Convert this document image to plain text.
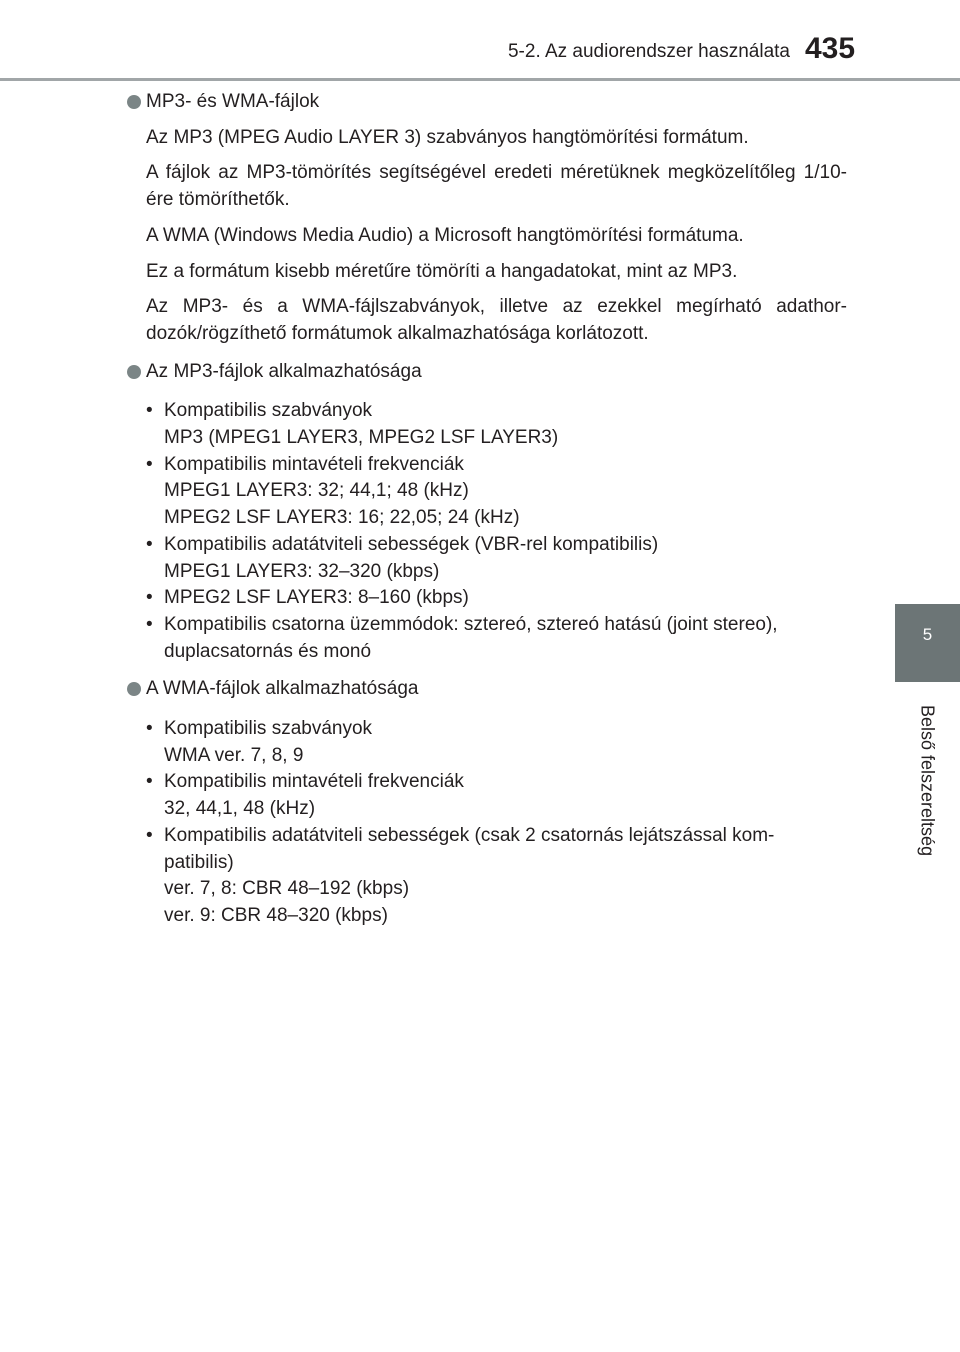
5-2. Az audiorendszer használata 435
5
Belső felszereltség
MP3- és WMA-fájlok
Az MP3 (MPEG Audio LAYER 3) szabványos hangtömörítési formátum.
A fájlok az MP3-tömörítés segítségével eredeti méretüknek megközelítőleg 1/10-ére tömöríthetők.
A WMA (Windows Media Audio) a Microsoft hangtömörítési formátuma.
Ez a formátum kisebb méretűre tömöríti a hangadatokat, mint az MP3.
Az MP3- és a WMA-fájlszabványok, illetve az ezekkel megírható adathor- dozók/rögzíthető formátumok alkalmazhatósága korlátozott.
Az MP3-fájlok alkalmazhatósága
• Kompatibilis szabványok
MP3 (MPEG1 LAYER3, MPEG2 LSF LAYER3)
• Kompatibilis mintavételi frekvenciák
MPEG1 LAYER3: 32; 44,1; 48 (kHz)
MPEG2 LSF LAYER3: 16; 22,05; 24 (kHz)
• Kompatibilis adatátviteli sebességek (VBR-rel kompatibilis)
MPEG1 LAYER3: 32–320 (kbps)
• MPEG2 LSF LAYER3: 8–160 (kbps)
• Kompatibilis csatorna üzemmódok: sztereó, sztereó hatású (joint stereo), duplacsatornás és monó
A WMA-fájlok alkalmazhatósága
• Kompatibilis szabványok
WMA ver. 7, 8, 9
• Kompatibilis mintavételi frekvenciák
32, 44,1, 48 (kHz)
• Kompatibilis adatátviteli sebességek (csak 2 csatornás lejátszással kom- patibilis)
ver. 7, 8: CBR 48–192 (kbps)
ver. 9: CBR 48–320 (kbps)
